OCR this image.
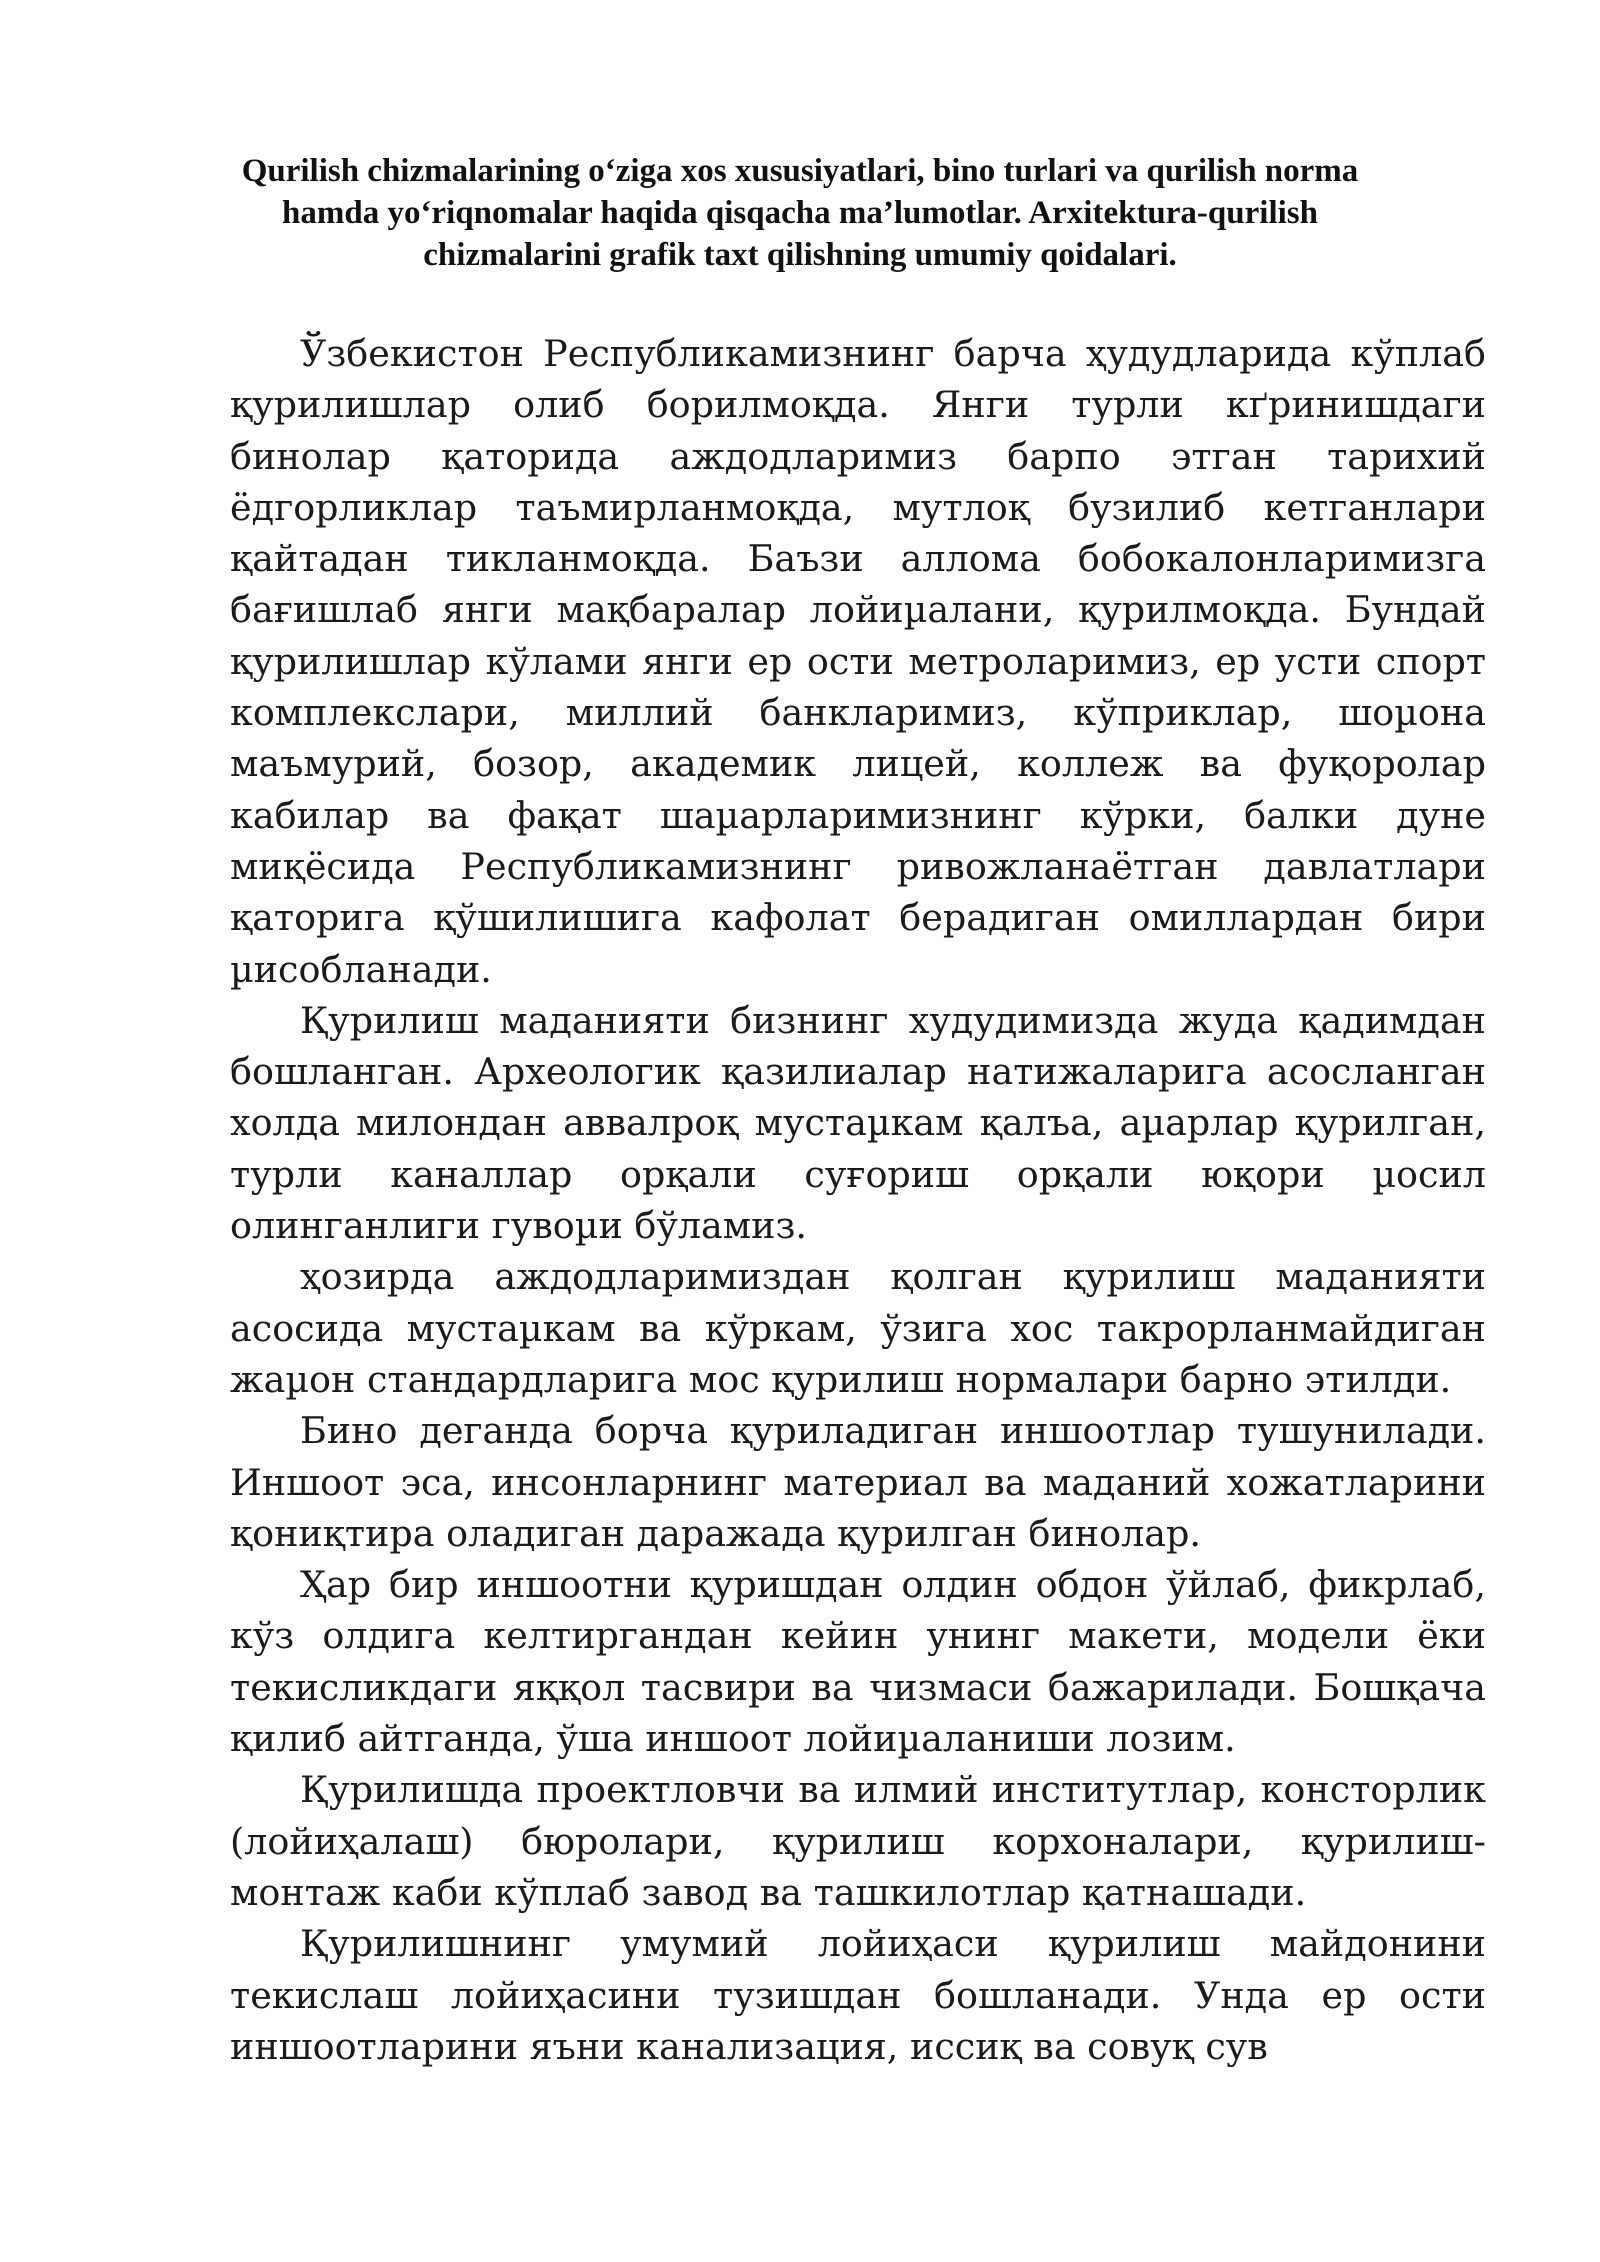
Qurilish chizmalarining o‘ziga xos xususiyatlari, bino turlari va qurilish norma hamda yo‘riqnomalar haqida qisqacha ma’lumotlar. Arxitektura-qurilish chizmalarini grafik taxt qilishning umumiy qoidalari.

Ўзбекистон Республикамизнинг барча ҳудудларида кўплаб қурилишлар олиб борилмоқда. Янги турли кґринишдаги бинолар қаторида аждодларимиз барпо этган тарихий ёдгорликлар таъмирланмоқда, мутлоқ бузилиб кетганлари қайтадан тикланмоқда. Баъзи аллома бобокалонларимизга бағишлаб янги мақбаралар лойиµалани, қурилмоқда. Бундай қурилишлар кўлами янги ер ости метроларимиз, ер усти спорт комплекслари, миллий банкларимиз, кўприклар, шоµона маъмурий, бозор, академик лицей, коллеж ва фуқоролар кабилар ва фақат шаµарларимизнинг кўрки, балки дуне миқёсида Республикамизнинг ривожланаётган давлатлари қаторига қўшилишига кафолат берадиган омиллардан бири µисобланади.

Қурилиш маданияти бизнинг худудимизда жуда қадимдан бошланган. Археологик қазилиалар натижаларига асосланган холда милондан аввалроқ мустаµкам қалъа, аµарлар қурилган, турли каналлар орқали суғориш орқали юқори µосил олинганлиги гувоµи бўламиз.

ҳозирда аждодларимиздан қолган қурилиш маданияти асосида мустаµкам ва кўркам, ўзига хос такрорланмайдиган жаµон стандардларига мос қурилиш нормалари барно этилди.

Бино деганда борча қуриладиган иншоотлар тушунилади. Иншоот эса, инсонларнинг материал ва маданий хожатларини қониқтира оладиган даражада қурилган бинолар.

Ҳар бир иншоотни қуришдан олдин обдон ўйлаб, фикрлаб, кўз олдига келтиргандан кейин унинг макети, модели ёки текисликдаги яққол тасвири ва чизмаси бажарилади. Бошқача қилиб айтганда, ўша иншоот лойиµаланиши лозим.

Қурилишда проектловчи ва илмий институтлар, консторлик (лойиҳалаш) бюролари, қурилиш корхоналари, қурилиш-монтаж каби кўплаб завод ва ташкилотлар қатнашади.

Қурилишнинг умумий лойиҳаси қурилиш майдонини текислаш лойиҳасини тузишдан бошланади. Унда ер ости иншоотларини яъни канализация, иссиқ ва совуқ сув
